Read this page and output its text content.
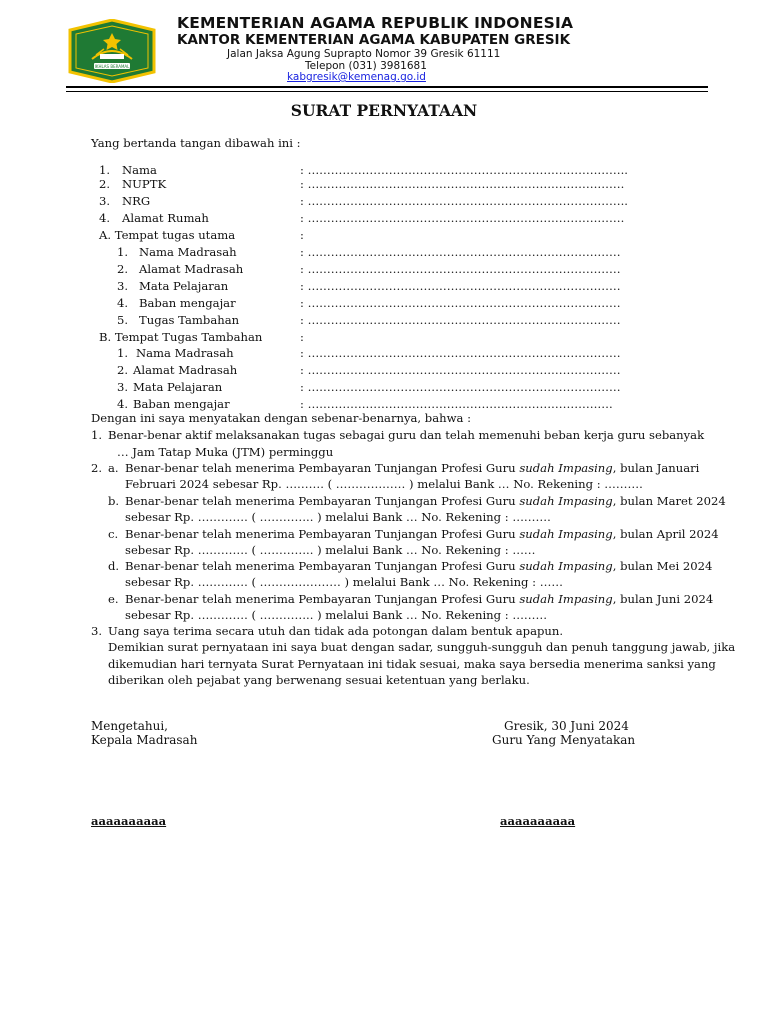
IKHLAS BERAMAL
KEMENTERIAN AGAMA REPUBLIK INDONESIA
KANTOR KEMENTERIAN AGAMA KABUPATEN GRESIK
Jalan Jaksa Agung Suprapto Nomor 39 Gresik 61111
Telepon (031) 3981681
kabgresik@kemenag.go.id
SURAT PERNYATAAN
Yang bertanda tangan dibawah ini :
1. Nama	: ………………………………………………………………………..
2. NUPTK	: ……………………………………………………………………….
3. NRG	: ………………………………………………………………………..
4. Alamat Rumah	: ……………………………………………………………………….
A. Tempat tugas utama	:
1. Nama Madrasah	: ………………………………………………………………………
2. Alamat Madrasah	: ………………………………………………………………………
3. Mata Pelajaran	: ………………………………………………………………………
4. Baban mengajar	: ………………………………………………………………………
5. Tugas Tambahan	: ………………………………………………………………………
B. Tempat Tugas Tambahan	:
1. Nama Madrasah	: ………………………………………………………………………
2. Alamat Madrasah	: ………………………………………………………………………
3. Mata Pelajaran	: ………………………………………………………………………
4. Baban mengajar	: …………………………………………………………………….
Dengan ini saya menyatakan dengan sebenar-benarnya, bahwa :
1. Benar-benar aktif melaksanakan tugas sebagai guru dan telah memenuhi beban kerja guru sebanyak
… Jam Tatap Muka (JTM) perminggu
2. a. Benar-benar telah menerima Pembayaran Tunjangan Profesi Guru sudah Impasing, bulan Januari
Februari 2024 sebesar Rp. ………. ( ……………… ) melalui Bank … No. Rekening : ……….
b. Benar-benar telah menerima Pembayaran Tunjangan Profesi Guru sudah Impasing, bulan Maret 2024
sebesar Rp. …………. ( ………….. ) melalui Bank … No. Rekening : ……….
c. Benar-benar telah menerima Pembayaran Tunjangan Profesi Guru sudah Impasing, bulan April 2024
sebesar Rp. …………. ( ………….. ) melalui Bank … No. Rekening : ……
d. Benar-benar telah menerima Pembayaran Tunjangan Profesi Guru sudah Impasing, bulan Mei 2024
sebesar Rp. …………. ( ………………… ) melalui Bank … No. Rekening : ……
e. Benar-benar telah menerima Pembayaran Tunjangan Profesi Guru sudah Impasing, bulan Juni 2024
sebesar Rp. …………. ( ………….. ) melalui Bank … No. Rekening : ………
3. Uang saya terima secara utuh dan tidak ada potongan dalam bentuk apapun.
Demikian surat pernyataan ini saya buat dengan sadar, sungguh-sungguh dan penuh tanggung jawab, jika
dikemudian hari ternyata Surat Pernyataan ini tidak sesuai, maka saya bersedia menerima sanksi yang
diberikan oleh pejabat yang berwenang sesuai ketentuan yang berlaku.
Mengetahui,
Kepala Madrasah
Gresik, 30 Juni 2024
Guru Yang Menyatakan
aaaaaaaaaa	aaaaaaaaaa
